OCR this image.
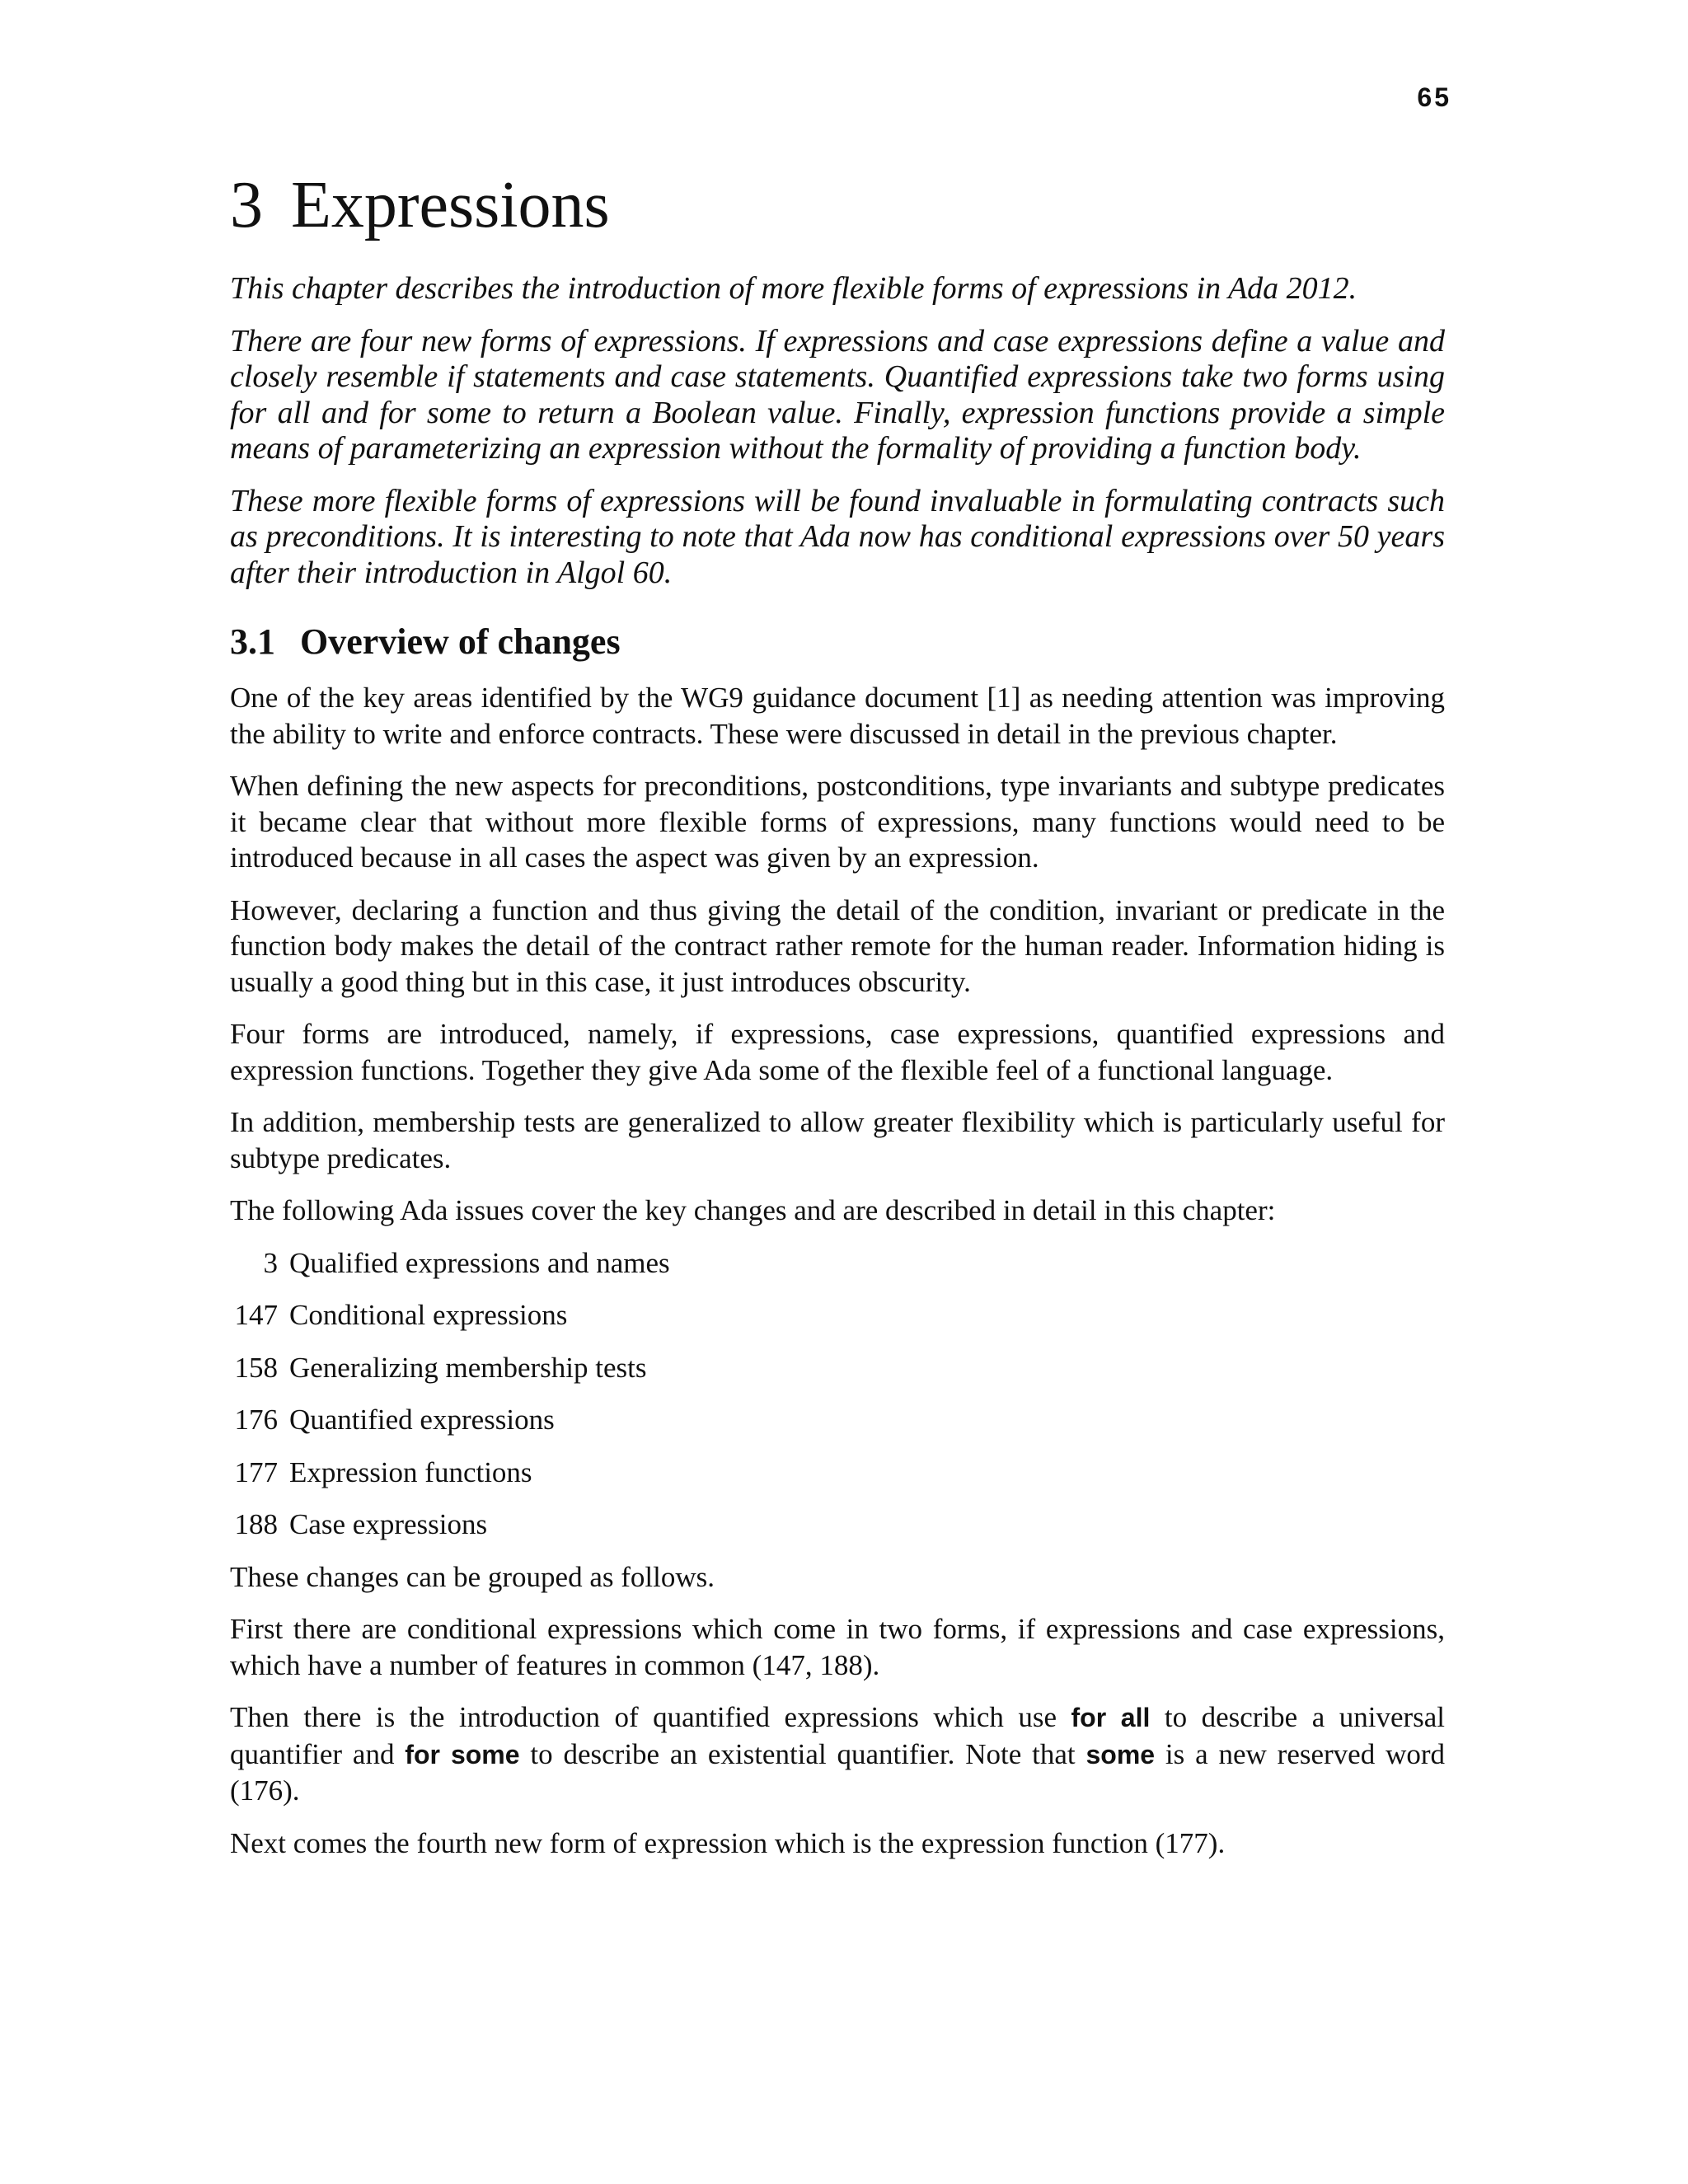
65

3 Expressions

This chapter describes the introduction of more flexible forms of expressions in Ada 2012.

There are four new forms of expressions. If expressions and case expressions define a value and closely resemble if statements and case statements. Quantified expressions take two forms using for all and for some to return a Boolean value. Finally, expression functions provide a simple means of parameterizing an expression without the formality of providing a function body.

These more flexible forms of expressions will be found invaluable in formulating contracts such as preconditions. It is interesting to note that Ada now has conditional expressions over 50 years after their introduction in Algol 60.

3.1 Overview of changes

One of the key areas identified by the WG9 guidance document [1] as needing attention was improving the ability to write and enforce contracts. These were discussed in detail in the previous chapter.

When defining the new aspects for preconditions, postconditions, type invariants and subtype predicates it became clear that without more flexible forms of expressions, many functions would need to be introduced because in all cases the aspect was given by an expression.

However, declaring a function and thus giving the detail of the condition, invariant or predicate in the function body makes the detail of the contract rather remote for the human reader. Information hiding is usually a good thing but in this case, it just introduces obscurity.

Four forms are introduced, namely, if expressions, case expressions, quantified expressions and expression functions. Together they give Ada some of the flexible feel of a functional language.

In addition, membership tests are generalized to allow greater flexibility which is particularly useful for subtype predicates.

The following Ada issues cover the key changes and are described in detail in this chapter:

3 Qualified expressions and names
147 Conditional expressions
158 Generalizing membership tests
176 Quantified expressions
177 Expression functions
188 Case expressions

These changes can be grouped as follows.

First there are conditional expressions which come in two forms, if expressions and case expressions, which have a number of features in common (147, 188).

Then there is the introduction of quantified expressions which use for all to describe a universal quantifier and for some to describe an existential quantifier. Note that some is a new reserved word (176).

Next comes the fourth new form of expression which is the expression function (177).
